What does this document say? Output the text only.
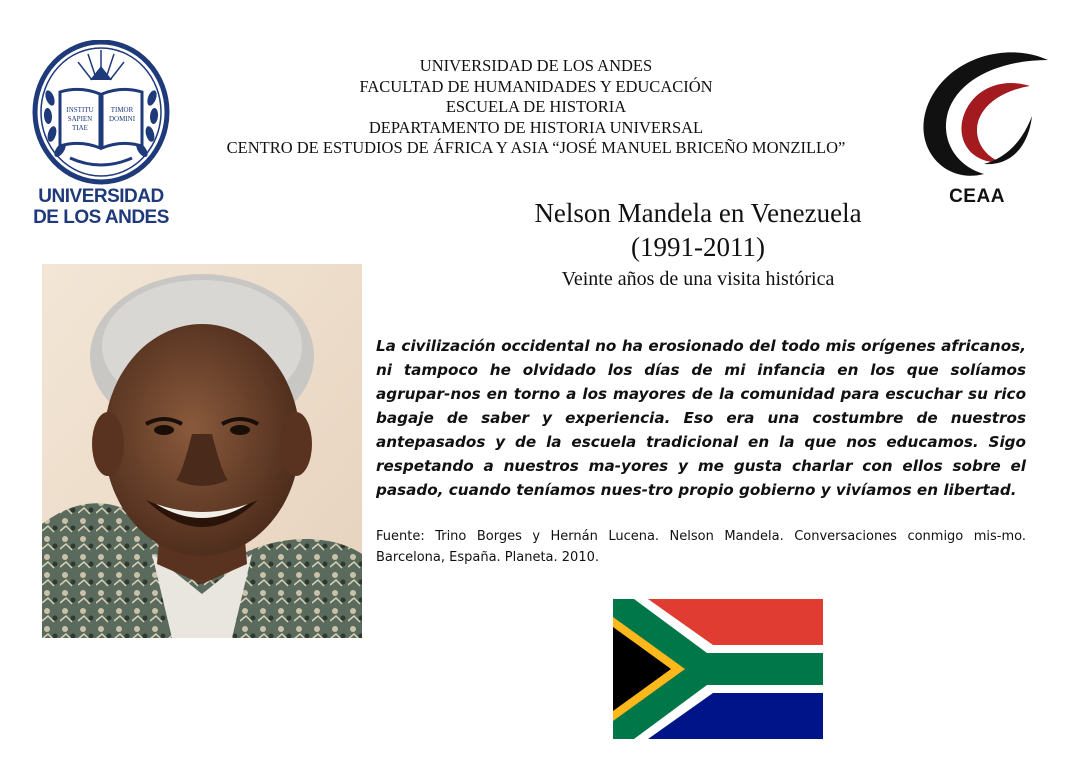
INSTITU
SAPIEN
TIAE
TIMOR
DOMINI
UNIVERSIDAD
DE LOS ANDES
UNIVERSIDAD DE LOS ANDES
FACULTAD DE HUMANIDADES Y EDUCACIÓN
ESCUELA DE HISTORIA
DEPARTAMENTO DE HISTORIA UNIVERSAL
CENTRO DE ESTUDIOS DE ÁFRICA Y ASIA “JOSÉ MANUEL BRICEÑO MONZILLO”
CEAA
Nelson Mandela en Venezuela
(1991-2011)
Veinte años de una visita histórica
La civilización occidental no ha erosionado del todo mis orígenes africanos, ni tampoco he olvidado los días de mi infancia en los que solíamos agrupar-nos en torno a los mayores de la comunidad para escuchar su rico bagaje de saber y experiencia. Eso era una costumbre de nuestros antepasados y de la escuela tradicional en la que nos educamos. Sigo respetando a nuestros ma-yores y me gusta charlar con ellos sobre el pasado, cuando teníamos nues-tro propio gobierno y vivíamos en libertad.
Fuente: Trino Borges y Hernán Lucena. Nelson Mandela. Conversaciones conmigo mis-mo. Barcelona, España. Planeta. 2010.
